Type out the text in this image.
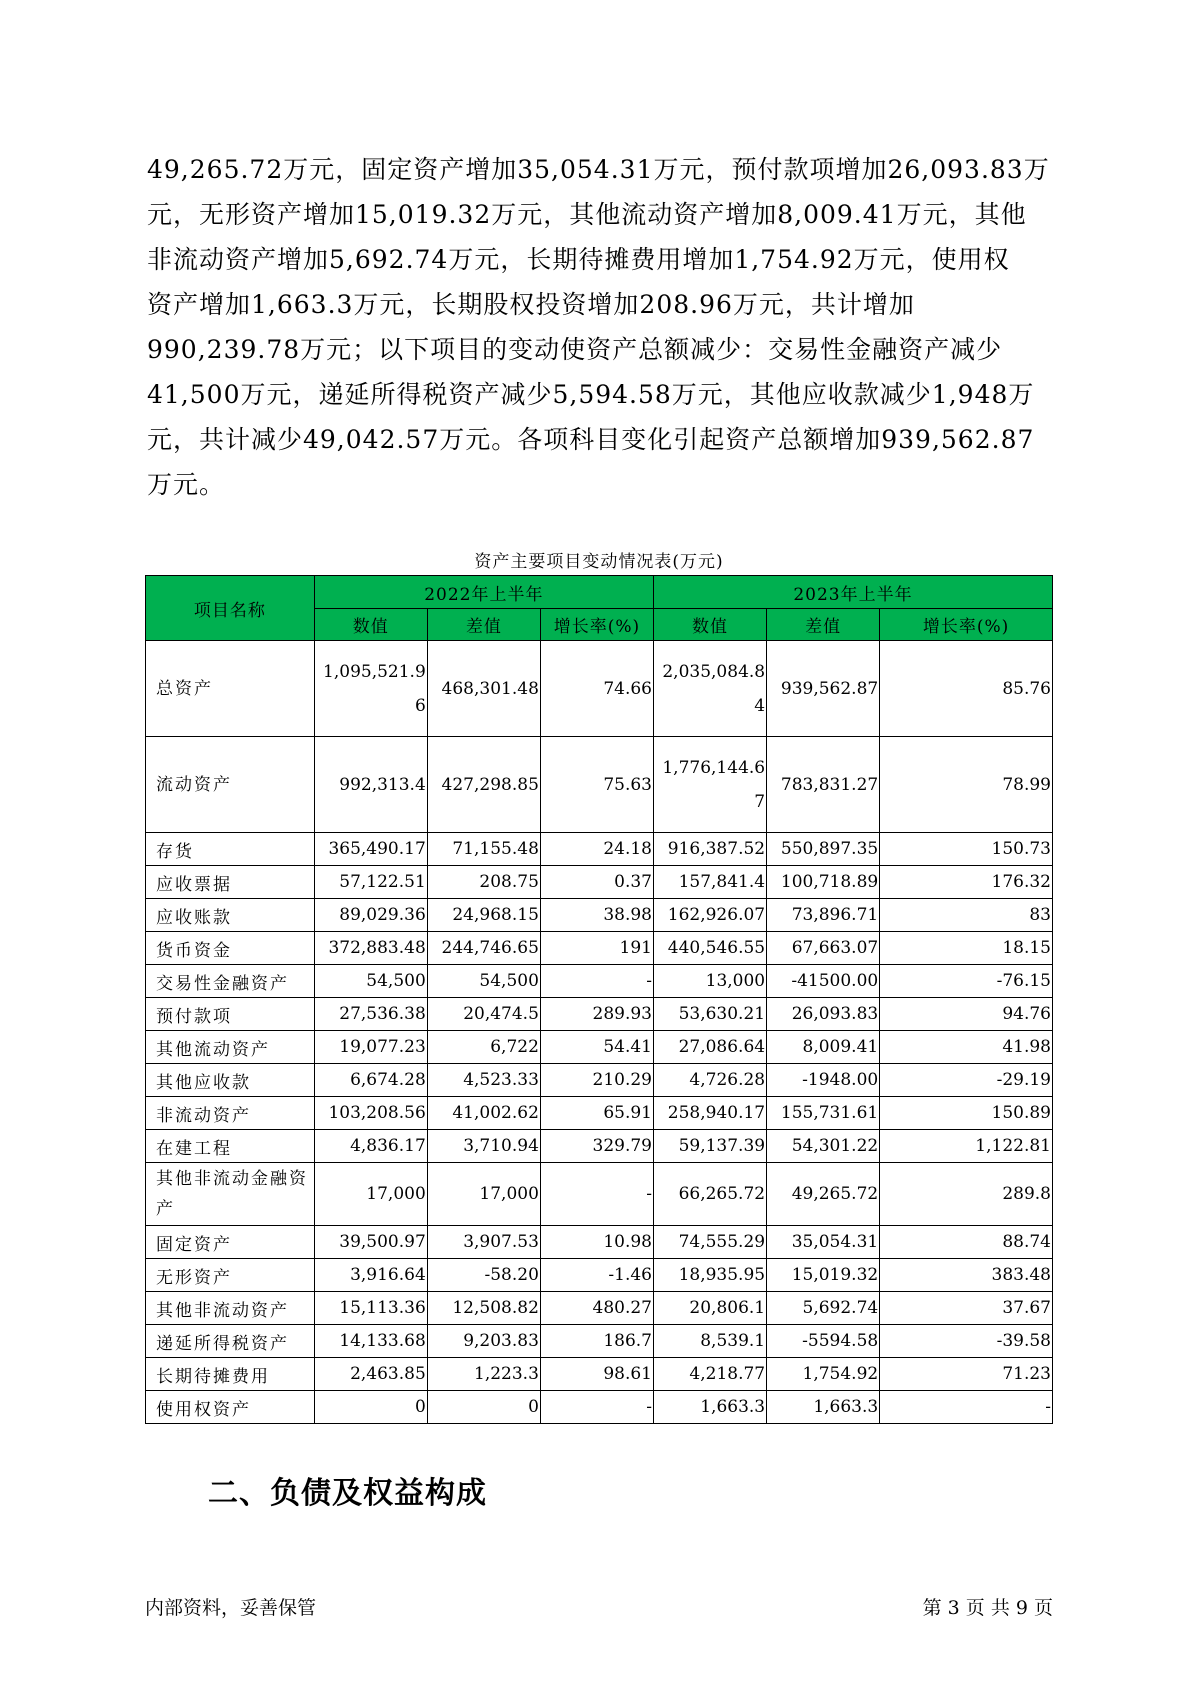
49,265.72万元，固定资产增加35,054.31万元，预付款项增加26,093.83万
元，无形资产增加15,019.32万元，其他流动资产增加8,009.41万元，其他
非流动资产增加5,692.74万元，长期待摊费用增加1,754.92万元，使用权
资产增加1,663.3万元，长期股权投资增加208.96万元，共计增加
990,239.78万元；以下项目的变动使资产总额减少：交易性金融资产减少
41,500万元，递延所得税资产减少5,594.58万元，其他应收款减少1,948万
元，共计减少49,042.57万元。各项科目变化引起资产总额增加939,562.87
万元。
资产主要项目变动情况表(万元)
项目名称	2022年上半年			2023年上半年		
	数值	差值	增长率(%)	数值	差值	增长率(%)
总资产	1,095,521.96	468,301.48	74.66	2,035,084.84	939,562.87	85.76
流动资产	992,313.4	427,298.85	75.63	1,776,144.67	783,831.27	78.99
存货	365,490.17	71,155.48	24.18	916,387.52	550,897.35	150.73
应收票据	57,122.51	208.75	0.37	157,841.4	100,718.89	176.32
应收账款	89,029.36	24,968.15	38.98	162,926.07	73,896.71	83
货币资金	372,883.48	244,746.65	191	440,546.55	67,663.07	18.15
交易性金融资产	54,500	54,500	-	13,000	-41500.00	-76.15
预付款项	27,536.38	20,474.5	289.93	53,630.21	26,093.83	94.76
其他流动资产	19,077.23	6,722	54.41	27,086.64	8,009.41	41.98
其他应收款	6,674.28	4,523.33	210.29	4,726.28	-1948.00	-29.19
非流动资产	103,208.56	41,002.62	65.91	258,940.17	155,731.61	150.89
在建工程	4,836.17	3,710.94	329.79	59,137.39	54,301.22	1,122.81
其他非流动金融资产	17,000	17,000	-	66,265.72	49,265.72	289.8
固定资产	39,500.97	3,907.53	10.98	74,555.29	35,054.31	88.74
无形资产	3,916.64	-58.20	-1.46	18,935.95	15,019.32	383.48
其他非流动资产	15,113.36	12,508.82	480.27	20,806.1	5,692.74	37.67
递延所得税资产	14,133.68	9,203.83	186.7	8,539.1	-5594.58	-39.58
长期待摊费用	2,463.85	1,223.3	98.61	4,218.77	1,754.92	71.23
使用权资产	0	0	-	1,663.3	1,663.3	-
二、负债及权益构成
内部资料，妥善保管	第 3 页 共 9 页
